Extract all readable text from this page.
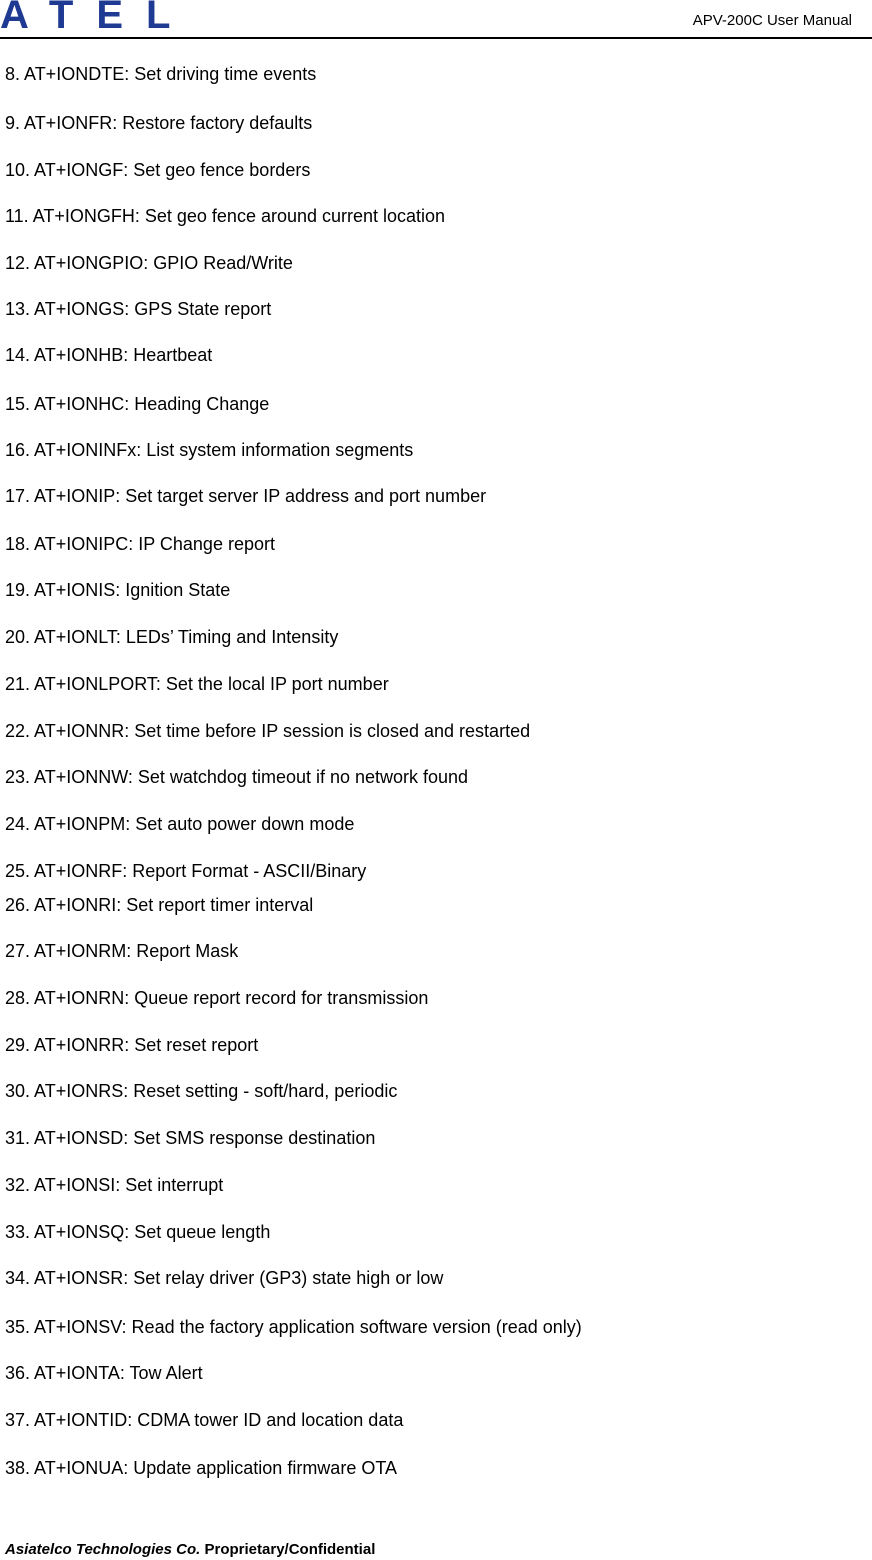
ATEL	APV-200C User Manual
8. AT+IONDTE: Set driving time events
9. AT+IONFR: Restore factory defaults
10. AT+IONGF: Set geo fence borders
11. AT+IONGFH: Set geo fence around current location
12. AT+IONGPIO: GPIO Read/Write
13. AT+IONGS: GPS State report
14. AT+IONHB: Heartbeat
15. AT+IONHC: Heading Change
16. AT+IONINFx: List system information segments
17. AT+IONIP: Set target server IP address and port number
18. AT+IONIPC: IP Change report
19. AT+IONIS: Ignition State
20. AT+IONLT: LEDs’ Timing and Intensity
21. AT+IONLPORT: Set the local IP port number
22. AT+IONNR: Set time before IP session is closed and restarted
23. AT+IONNW: Set watchdog timeout if no network found
24. AT+IONPM: Set auto power down mode
25. AT+IONRF: Report Format - ASCII/Binary
26. AT+IONRI: Set report timer interval
27. AT+IONRM: Report Mask
28. AT+IONRN: Queue report record for transmission
29. AT+IONRR: Set reset report
30. AT+IONRS: Reset setting - soft/hard, periodic
31. AT+IONSD: Set SMS response destination
32. AT+IONSI: Set interrupt
33. AT+IONSQ: Set queue length
34. AT+IONSR: Set relay driver (GP3) state high or low
35. AT+IONSV: Read the factory application software version (read only)
36. AT+IONTA: Tow Alert
37. AT+IONTID: CDMA tower ID and location data
38. AT+IONUA: Update application firmware OTA
Asiatelco Technologies Co. Proprietary/Confidential
